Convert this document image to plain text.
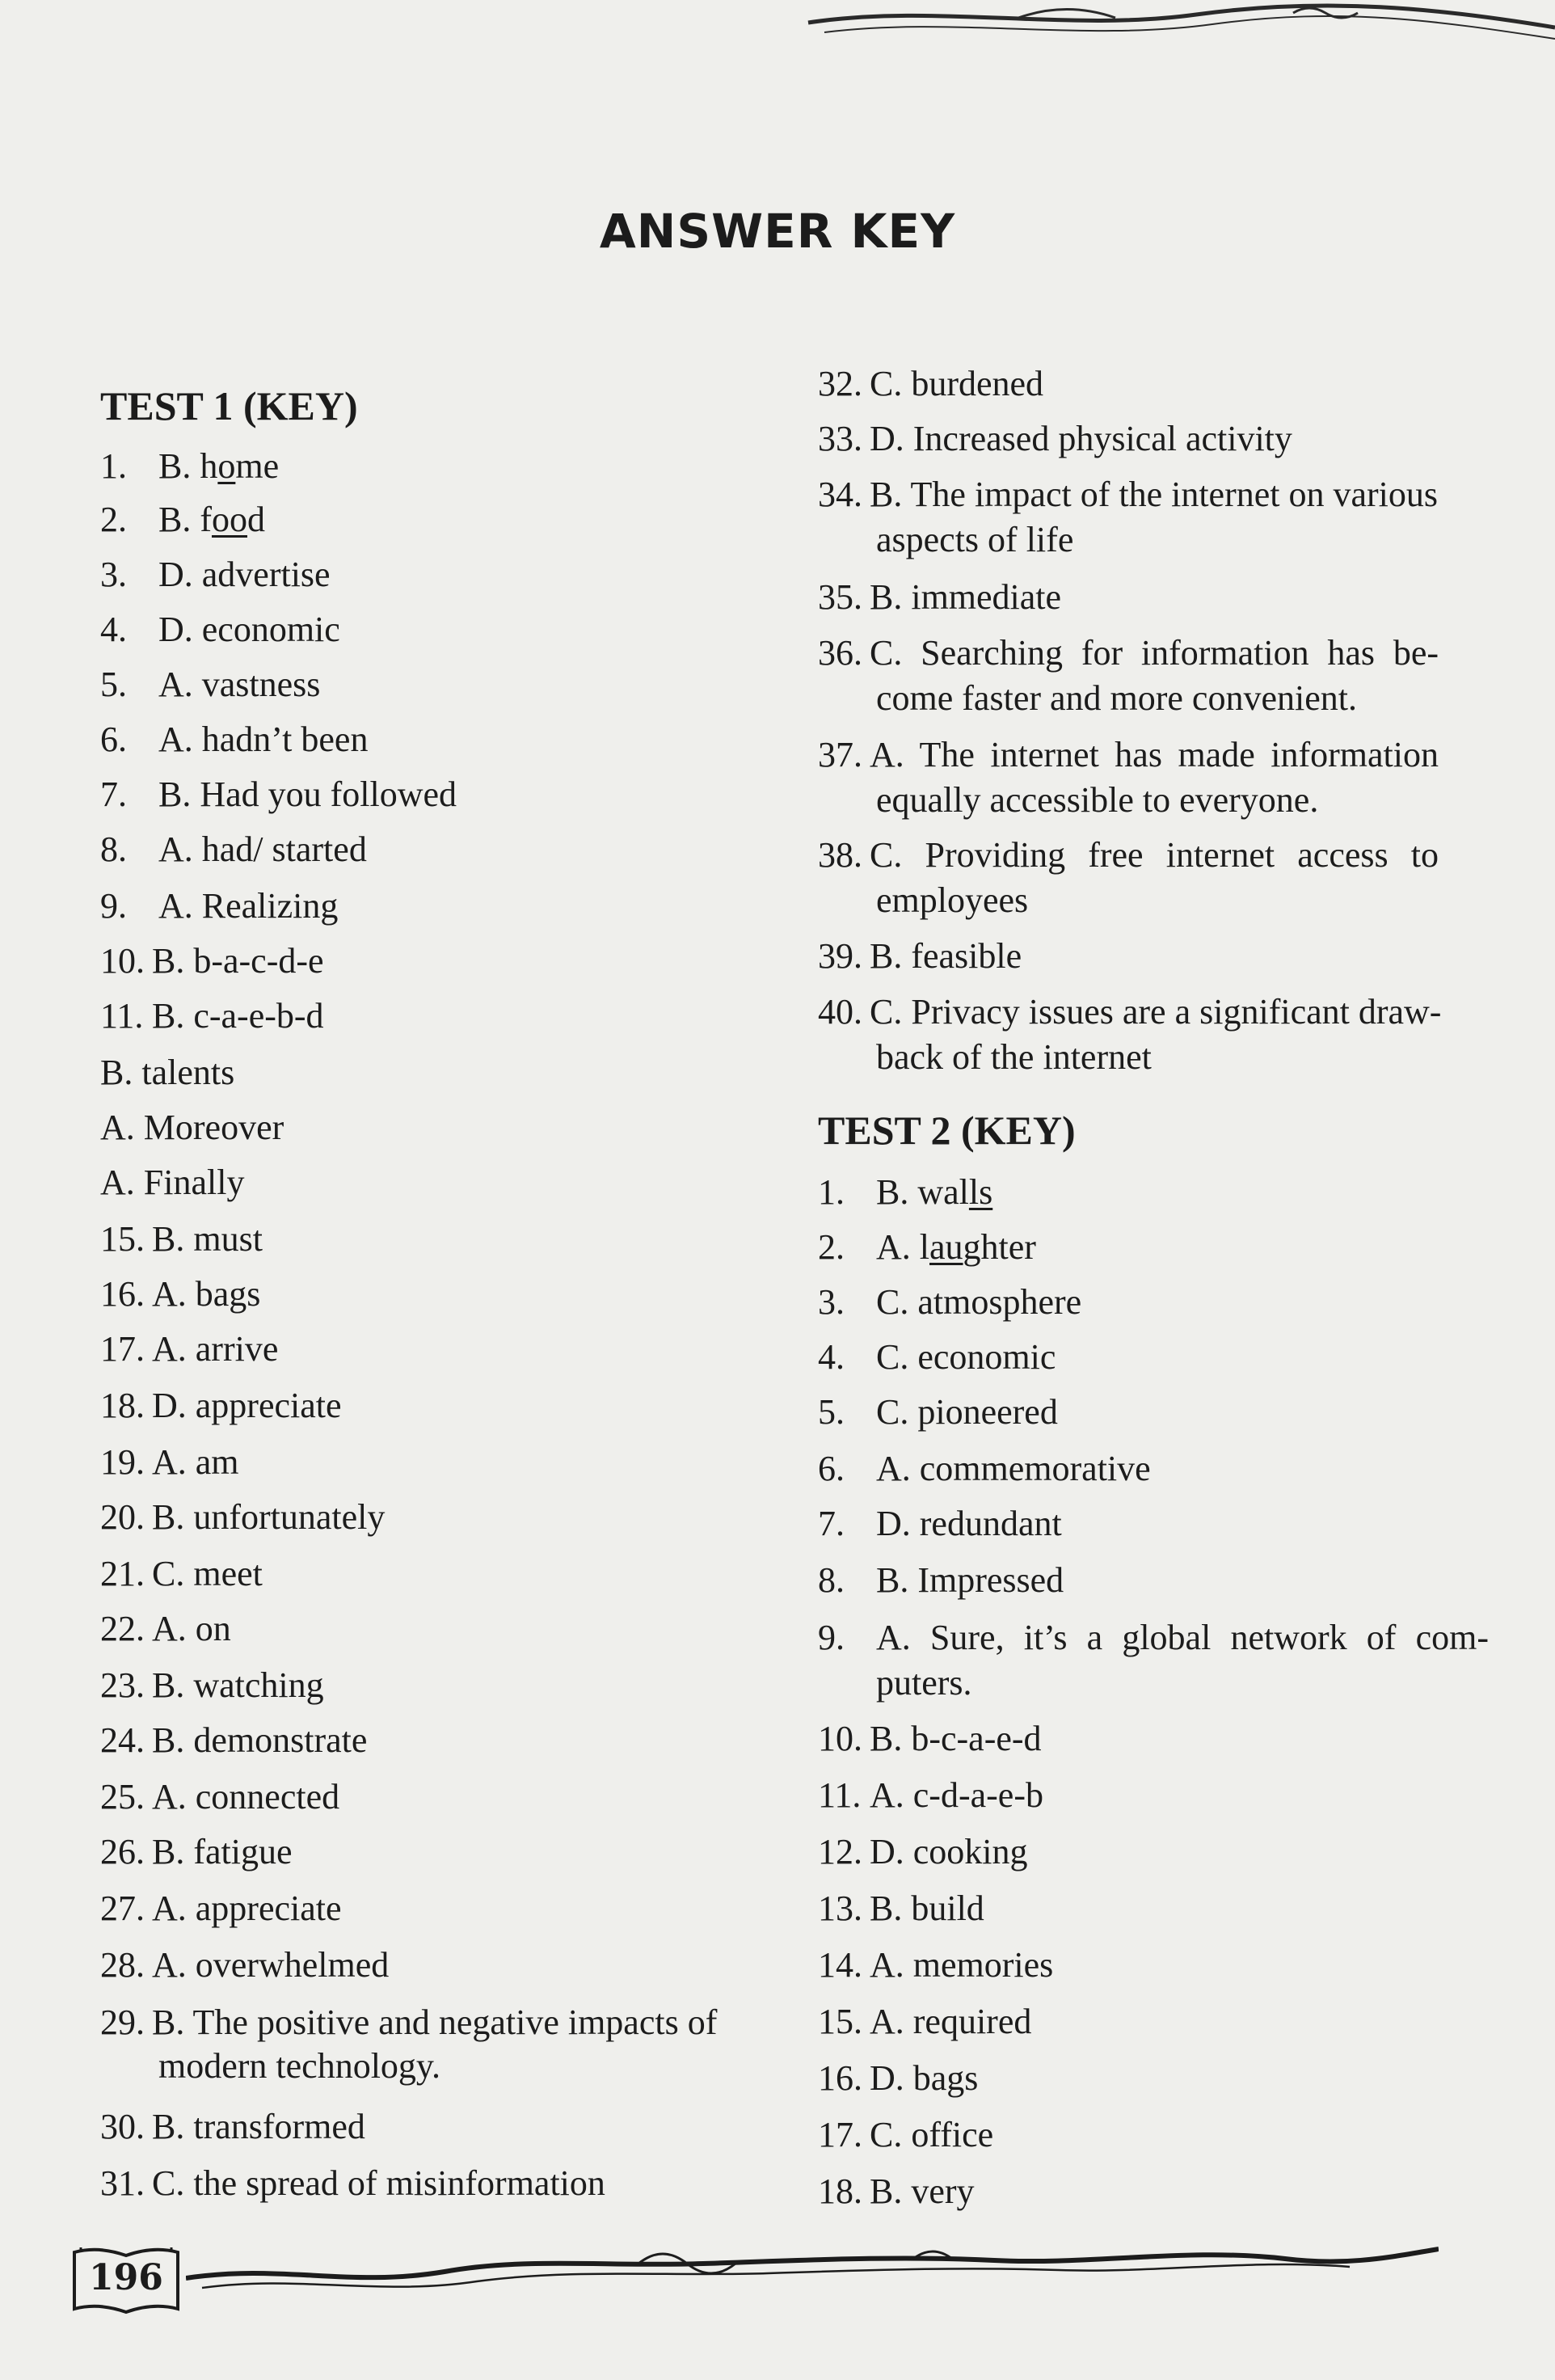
ANSWER KEY
TEST 1 (KEY)
1. B. home
2. B. food
3. D. advertise
4. D. economic
5. A. vastness
6. A. hadn’t been
7. B. Had you followed
8. A. had/ started
9. A. Realizing
10. B. b-a-c-d-e
11. B. c-a-e-b-d
B. talents
A. Moreover
A. Finally
15. B. must
16. A. bags
17. A. arrive
18. D. appreciate
19. A. am
20. B. unfortunately
21. C. meet
22. A. on
23. B. watching
24. B. demonstrate
25. A. connected
26. B. fatigue
27. A. appreciate
28. A. overwhelmed
29. B. The positive and negative impacts of
modern technology.
30. B. transformed
31. C. the spread of misinformation
32. C. burdened
33. D. Increased physical activity
34. B. The impact of the internet on various
aspects of life
35. B. immediate
36. C. Searching for information has be-
come faster and more convenient.
37. A. The internet has made information
equally accessible to everyone.
38. C. Providing free internet access to
employees
39. B. feasible
40. C. Privacy issues are a significant draw-
back of the internet
TEST 2 (KEY)
1. B. walls
2. A. laughter
3. C. atmosphere
4. C. economic
5. C. pioneered
6. A. commemorative
7. D. redundant
8. B. Impressed
9. A. Sure, it’s a global network of com-
puters.
10. B. b-c-a-e-d
11. A. c-d-a-e-b
12. D. cooking
13. B. build
14. A. memories
15. A. required
16. D. bags
17. C. office
18. B. very
196
